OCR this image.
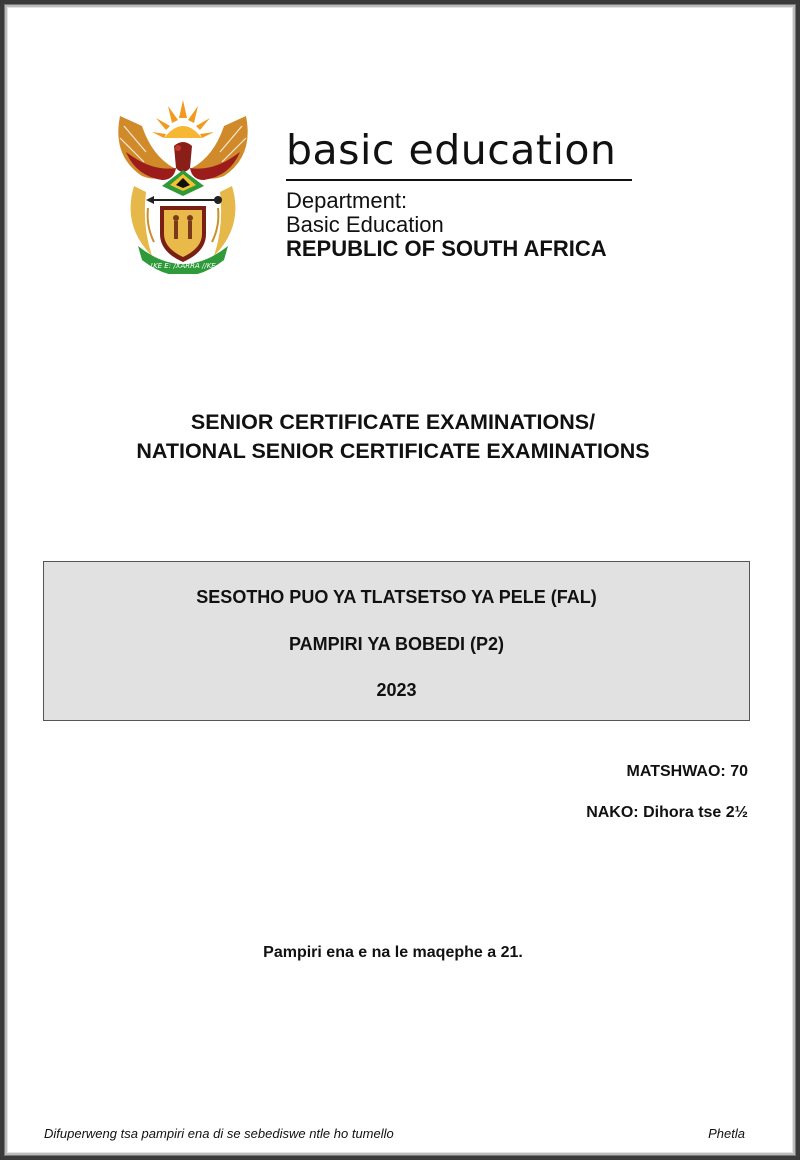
!KE E: /XARRA //KE
basic education
Department:
Basic Education
REPUBLIC OF SOUTH AFRICA
SENIOR CERTIFICATE EXAMINATIONS/
NATIONAL SENIOR CERTIFICATE EXAMINATIONS
SESOTHO PUO YA TLATSETSO YA PELE (FAL)
PAMPIRI YA BOBEDI (P2)
2023
MATSHWAO: 70
NAKO: Dihora tse 2½
Pampiri ena e na le maqephe a 21.
Difuperweng tsa pampiri ena di se sebediswe ntle ho tumello	Phetla
